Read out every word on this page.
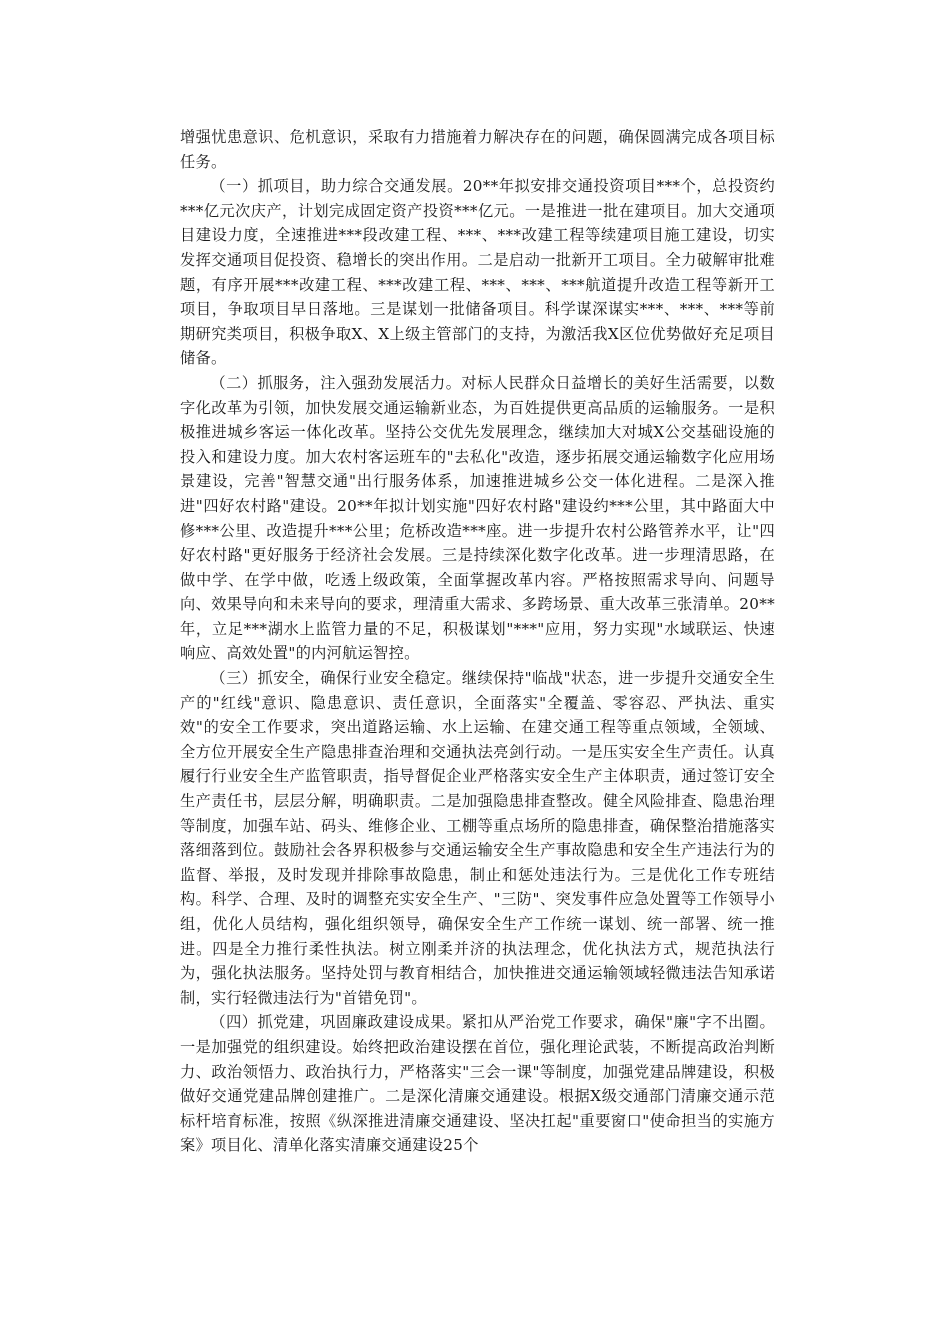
增强忧患意识、危机意识，采取有力措施着力解决存在的问题，确保圆满完成各项目标任务。

（一）抓项目，助力综合交通发展。20**年拟安排交通投资项目***个，总投资约***亿元次庆产，计划完成固定资产投资***亿元。一是推进一批在建项目。加大交通项目建设力度，全速推进***段改建工程、***、***改建工程等续建项目施工建设，切实发挥交通项目促投资、稳增长的突出作用。二是启动一批新开工项目。全力破解审批难题，有序开展***改建工程、***改建工程、***、***、***航道提升改造工程等新开工项目，争取项目早日落地。三是谋划一批储备项目。科学谋深谋实***、***、***等前期研究类项目，积极争取X、X上级主管部门的支持，为激活我X区位优势做好充足项目储备。

（二）抓服务，注入强劲发展活力。对标人民群众日益增长的美好生活需要，以数字化改革为引领，加快发展交通运输新业态，为百姓提供更高品质的运输服务。一是积极推进城乡客运一体化改革。坚持公交优先发展理念，继续加大对城X公交基础设施的投入和建设力度。加大农村客运班车的"去私化"改造，逐步拓展交通运输数字化应用场景建设，完善"智慧交通"出行服务体系，加速推进城乡公交一体化进程。二是深入推进"四好农村路"建设。20**年拟计划实施"四好农村路"建设约***公里，其中路面大中修***公里、改造提升***公里；危桥改造***座。进一步提升农村公路管养水平，让"四好农村路"更好服务于经济社会发展。三是持续深化数字化改革。进一步理清思路，在做中学、在学中做，吃透上级政策，全面掌握改革内容。严格按照需求导向、问题导向、效果导向和未来导向的要求，理清重大需求、多跨场景、重大改革三张清单。20**年，立足***湖水上监管力量的不足，积极谋划"***"应用，努力实现"水域联运、快速响应、高效处置"的内河航运智控。

（三）抓安全，确保行业安全稳定。继续保持"临战"状态，进一步提升交通安全生产的"红线"意识、隐患意识、责任意识，全面落实"全覆盖、零容忍、严执法、重实效"的安全工作要求，突出道路运输、水上运输、在建交通工程等重点领域，全领域、全方位开展安全生产隐患排查治理和交通执法亮剑行动。一是压实安全生产责任。认真履行行业安全生产监管职责，指导督促企业严格落实安全生产主体职责，通过签订安全生产责任书，层层分解，明确职责。二是加强隐患排查整改。健全风险排查、隐患治理等制度，加强车站、码头、维修企业、工棚等重点场所的隐患排查，确保整治措施落实落细落到位。鼓励社会各界积极参与交通运输安全生产事故隐患和安全生产违法行为的监督、举报，及时发现并排除事故隐患，制止和惩处违法行为。三是优化工作专班结构。科学、合理、及时的调整充实安全生产、"三防"、突发事件应急处置等工作领导小组，优化人员结构，强化组织领导，确保安全生产工作统一谋划、统一部署、统一推进。四是全力推行柔性执法。树立刚柔并济的执法理念，优化执法方式，规范执法行为，强化执法服务。坚持处罚与教育相结合，加快推进交通运输领域轻微违法告知承诺制，实行轻微违法行为"首错免罚"。

（四）抓党建，巩固廉政建设成果。紧扣从严治党工作要求，确保"廉"字不出圈。一是加强党的组织建设。始终把政治建设摆在首位，强化理论武装，不断提高政治判断力、政治领悟力、政治执行力，严格落实"三会一课"等制度，加强党建品牌建设，积极做好交通党建品牌创建推广。二是深化清廉交通建设。根据X级交通部门清廉交通示范标杆培育标准，按照《纵深推进清廉交通建设、坚决扛起"重要窗口"使命担当的实施方案》项目化、清单化落实清廉交通建设25个
